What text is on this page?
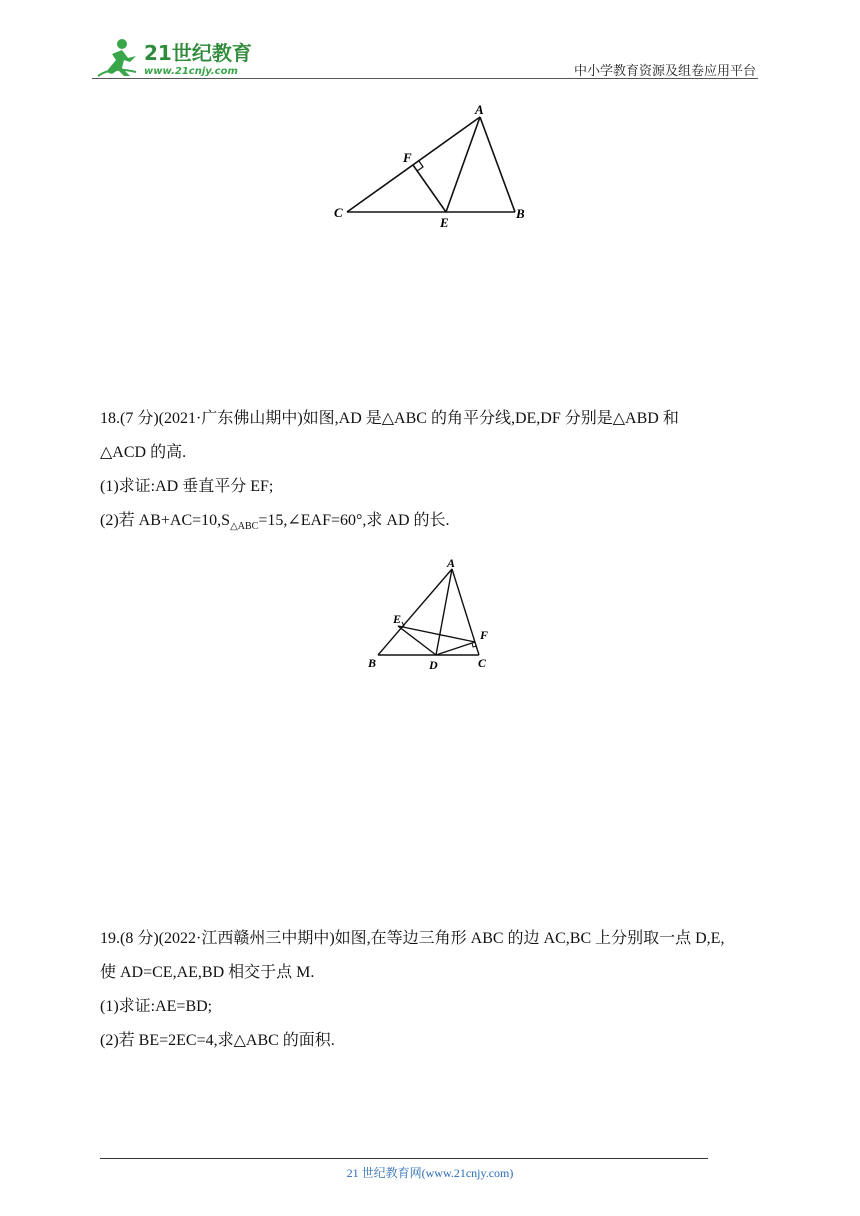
21世纪教育
www.21cnjy.com	中小学教育资源及组卷应用平台
A
F
C
E
B

18.(7 分)(2021·广东佛山期中)如图,AD 是△ABC 的角平分线,DE,DF 分别是△ABD 和

△ACD 的高.

(1)求证:AD 垂直平分 EF;

(2)若 $AB+AC=10,S_{\triangle ABC}=15,\angle EAF=60^\circ$,求 AD 的长.

A
E
F
B	D	C

19.(8 分)(2022·江西赣州三中期中)如图,在等边三角形 ABC 的边 AC,BC 上分别取一点 D,E,

使 AD=CE,AE,BD 相交于点 M.

(1)求证:AE=BD;

(2)若 BE=2EC=4,求△ABC 的面积.

21 世纪教育网(www.21cnjy.com)
